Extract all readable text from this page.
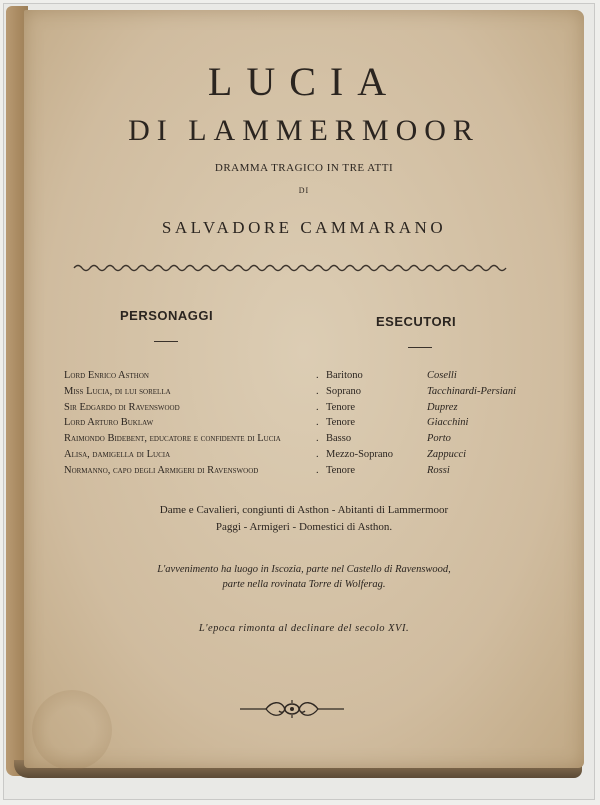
LUCIA
DI LAMMERMOOR
DRAMMA TRAGICO IN TRE ATTI
DI
SALVADORE CAMMARANO
PERSONAGGI	ESECUTORI
Lord Enrico Asthon	Baritono	Coselli
.
Miss Lucia, di lui sorella	Soprano	Tacchinardi-Persiani
.
Sir Edgardo di Ravenswood	Tenore	Duprez
.
Lord Arturo Buklaw	Tenore	Giacchini
.
Raimondo Bidebent, educatore e confidente di Lucia	Basso	Porto
.
Alisa, damigella di Lucia	Mezzo-Soprano	Zappucci
.
Normanno, capo degli Armigeri di Ravenswood	Tenore	Rossi
.
Dame e Cavalieri, congiunti di Asthon - Abitanti di Lammermoor
Paggi - Armigeri - Domestici di Asthon.
L'avvenimento ha luogo in Iscozia, parte nel Castello di Ravenswood,
parte nella rovinata Torre di Wolferag.
L'epoca rimonta al declinare del secolo XVI.
